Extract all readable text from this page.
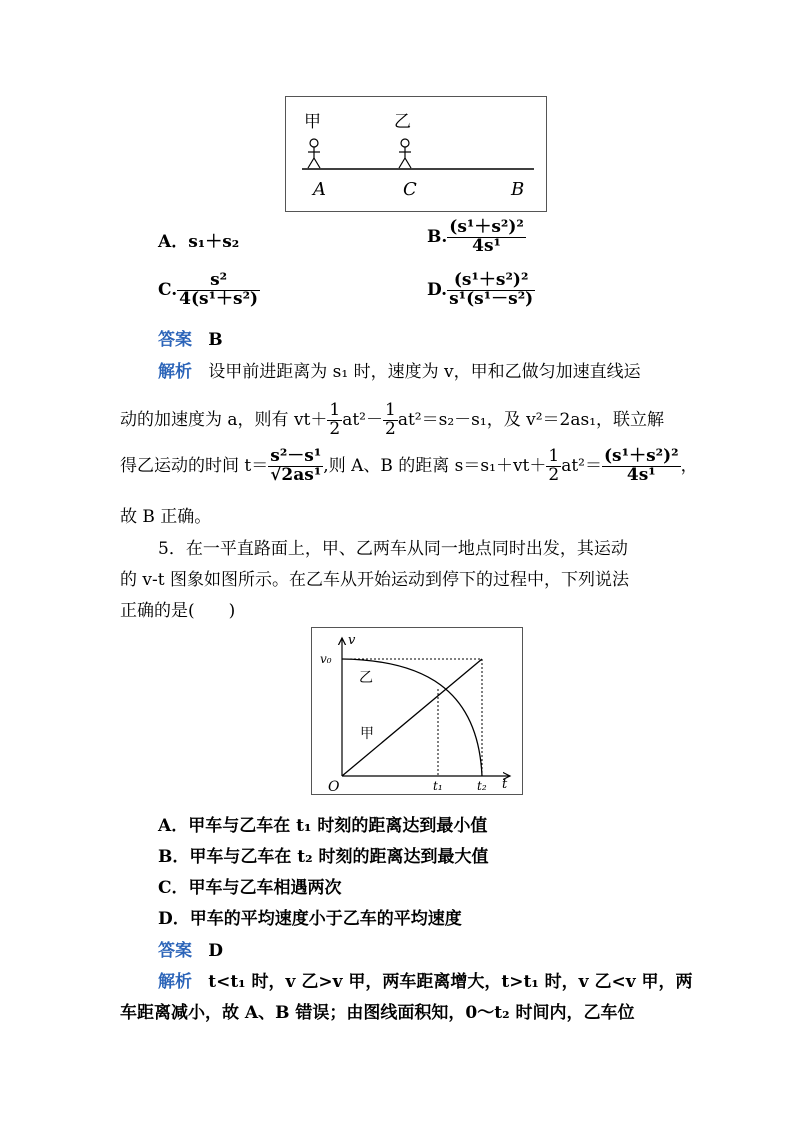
甲	乙
A	C	B
A．s₁＋s₂	B. $\frac{\text{(s¹＋s²)²}}{\text{4s¹}}$
C. $\frac{\text{s²}}{\text{4(s¹＋s²)}}$	D. $\frac{\text{(s¹＋s²)²}}{\text{s¹(s¹－s²)}}$
答案 B
解析 设甲前进距离为 s₁ 时，速度为 v，甲和乙做匀加速直线运
动的加速度为 a，则有 $vt+ \frac{1}{2} at^2- \frac{1}{2} at^2=s_2-s_1$，及 v²＝2as₁，联立解
得乙运动的时间 $t= \frac{\text{s²－s¹}}{\text{√2as¹}}$ ,则 A、B 的距离 $s=s_1+vt+ \frac{1}{2} at^2= \frac{\text{(s¹＋s²)²}}{\text{4s¹}}$ ，
故 B 正确。
5．在一平直路面上，甲、乙两车从同一地点同时出发，其运动
的 v-t 图象如图所示。在乙车从开始运动到停下的过程中，下列说法
正确的是(　　)
v
t
O
v₀
t₁	t₂
乙
甲
A．甲车与乙车在 t₁ 时刻的距离达到最小值
B．甲车与乙车在 t₂ 时刻的距离达到最大值
C．甲车与乙车相遇两次
D．甲车的平均速度小于乙车的平均速度
答案 D
解析 t<t₁ 时，v 乙>v 甲，两车距离增大，t>t₁ 时，v 乙<v 甲，两
车距离减小，故 A、B 错误；由图线面积知，0～t₂ 时间内，乙车位
